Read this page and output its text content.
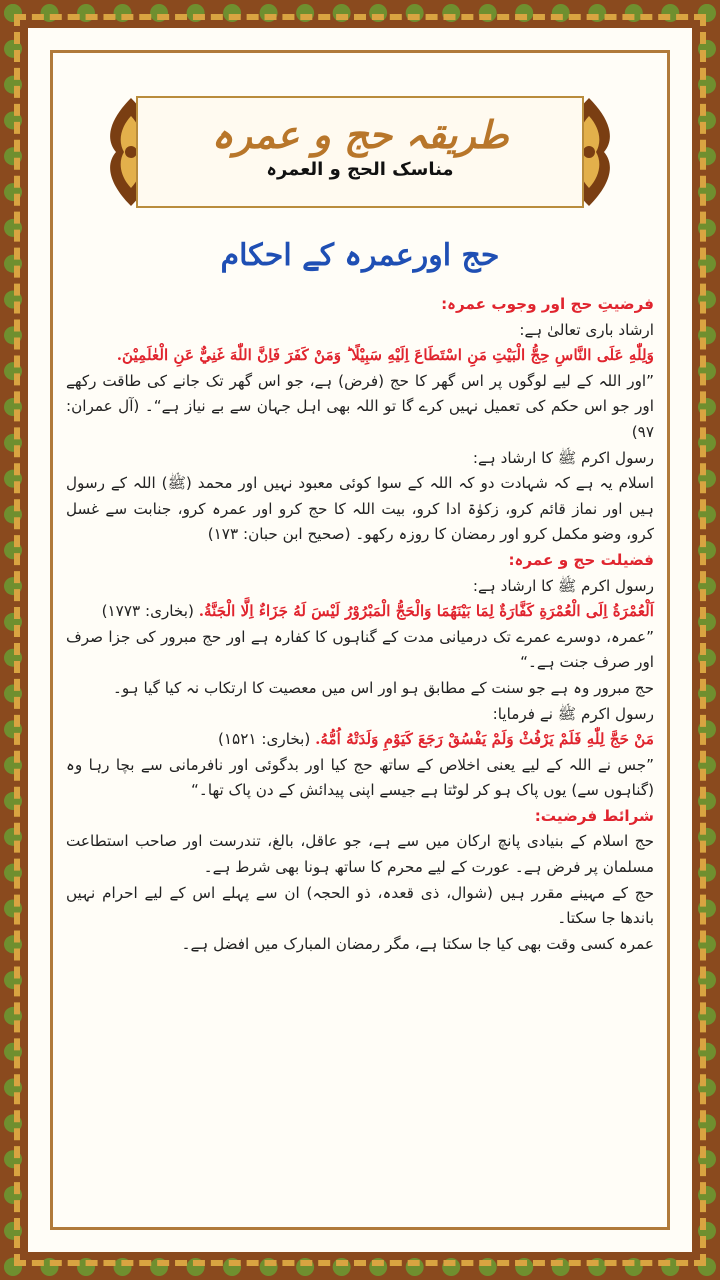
طریقہ حج و عمرہ
مناسک الحج و العمرہ
حج اورعمرہ کے احکام

فرضیتِ حج اور وجوب عمرہ:

ارشاد باری تعالیٰ ہے:

وَلِلّٰهِ عَلَى النَّاسِ حِجُّ الْبَيْتِ مَنِ اسْتَطَاعَ اِلَيْهِ سَبِيْلًا ؕ وَمَنْ كَفَرَ فَاِنَّ اللّٰهَ غَنِيٌّ عَنِ الْعٰلَمِيْنَ.

”اور اللہ کے لیے لوگوں پر اس گھر کا حج (فرض) ہے، جو اس گھر تک جانے کی طاقت رکھے اور جو اس حکم کی تعمیل نہیں کرے گا تو اللہ بھی اہل جہان سے بے نیاز ہے“۔ (آل عمران: ۹۷)

رسول اکرم ﷺ کا ارشاد ہے:

اسلام یہ ہے کہ شہادت دو کہ اللہ کے سوا کوئی معبود نہیں اور محمد (ﷺ) اللہ کے رسول ہیں اور نماز قائم کرو، زکوٰۃ ادا کرو، بیت اللہ کا حج کرو اور عمرہ کرو، جنابت سے غسل کرو، وضو مکمل کرو اور رمضان کا روزہ رکھو۔ (صحیح ابن حبان: ۱۷۳)

فضیلت حج و عمرہ:

رسول اکرم ﷺ کا ارشاد ہے:

اَلْعُمْرَةُ اِلَى الْعُمْرَةِ كَفَّارَةٌ لِمَا بَيْنَهُمَا وَالْحَجُّ الْمَبْرُوْرُ لَيْسَ لَهُ جَزَاءٌ اِلَّا الْجَنَّةُ. (بخاری: ۱۷۷۳)

”عمرہ، دوسرے عمرے تک درمیانی مدت کے گناہوں کا کفارہ ہے اور حج مبرور کی جزا صرف اور صرف جنت ہے۔“

حج مبرور وہ ہے جو سنت کے مطابق ہو اور اس میں معصیت کا ارتکاب نہ کیا گیا ہو۔

رسول اکرم ﷺ نے فرمایا:

مَنْ حَجَّ لِلّٰهِ فَلَمْ يَرْفُثْ وَلَمْ يَفْسُقْ رَجَعَ كَيَوْمِ وَلَدَتْهُ اُمُّهُ. (بخاری: ۱۵۲۱)

”جس نے اللہ کے لیے یعنی اخلاص کے ساتھ حج کیا اور بدگوئی اور نافرمانی سے بچا رہا وہ (گناہوں سے) یوں پاک ہو کر لوٹتا ہے جیسے اپنی پیدائش کے دن پاک تھا۔“

شرائط فرضیت:

حج اسلام کے بنیادی پانچ ارکان میں سے ہے، جو عاقل، بالغ، تندرست اور صاحب استطاعت مسلمان پر فرض ہے۔ عورت کے لیے محرم کا ساتھ ہونا بھی شرط ہے۔

حج کے مہینے مقرر ہیں (شوال، ذی قعدہ، ذو الحجہ) ان سے پہلے اس کے لیے احرام نہیں باندھا جا سکتا۔

عمرہ کسی وقت بھی کیا جا سکتا ہے، مگر رمضان المبارک میں افضل ہے۔
